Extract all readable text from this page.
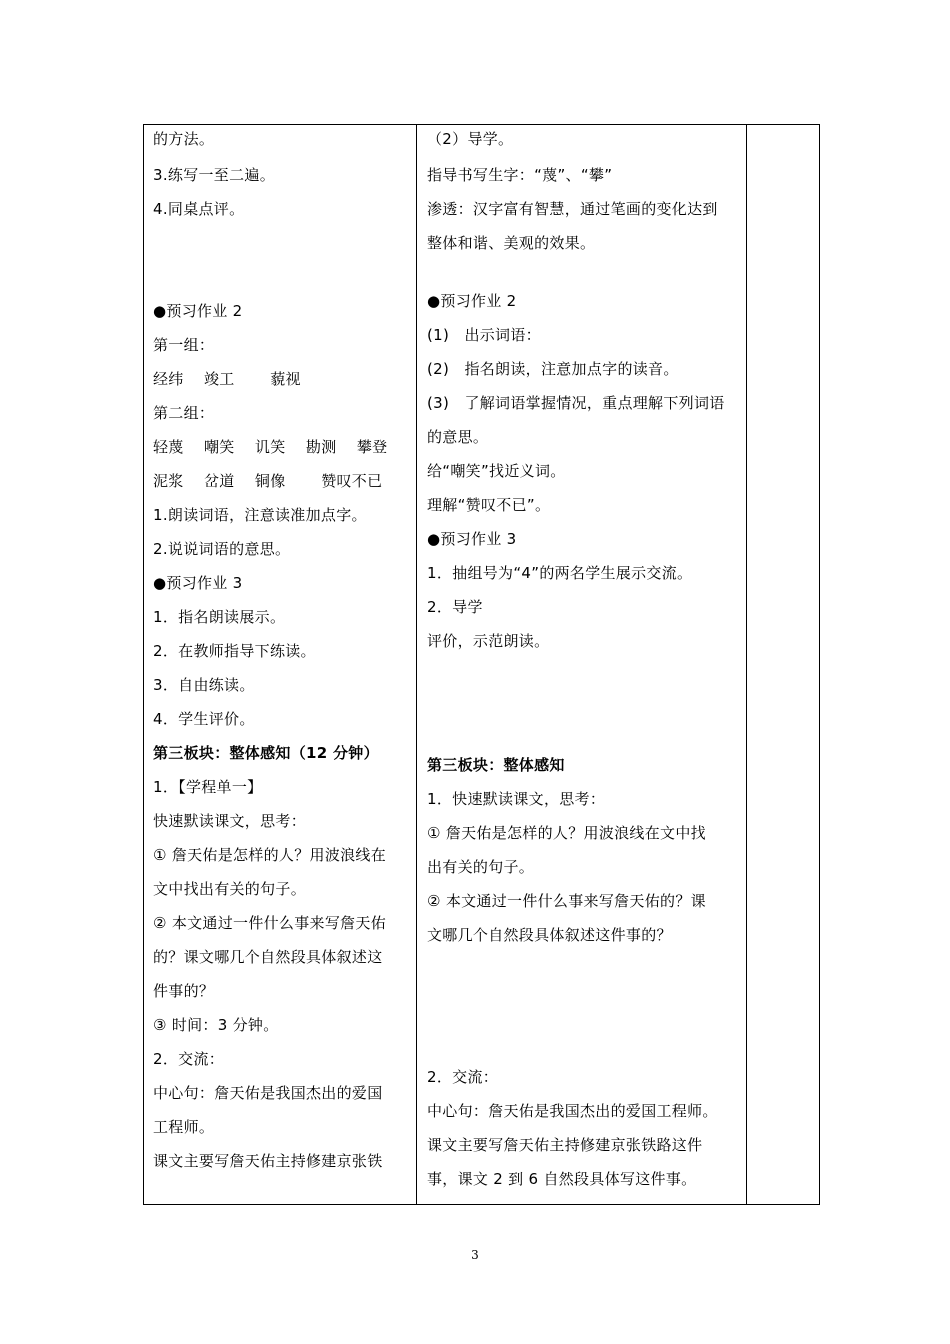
的方法。
3.练写一至二遍。
4.同桌点评。
●预习作业 2
第一组：
经纬　 竣工　　 藐视
第二组：
轻蔑　 嘲笑　 讥笑　 勘测　 攀登
泥浆　 岔道　 铜像　　 赞叹不已
1.朗读词语，注意读准加点字。
2.说说词语的意思。
●预习作业 3
1．指名朗读展示。
2．在教师指导下练读。
3．自由练读。
4．学生评价。
第三板块：整体感知（12 分钟）
1．【学程单一】
快速默读课文，思考：
① 詹天佑是怎样的人？用波浪线在
文中找出有关的句子。
② 本文通过一件什么事来写詹天佑
的？课文哪几个自然段具体叙述这
件事的？
③ 时间：3 分钟。
2．交流：
中心句：詹天佑是我国杰出的爱国
工程师。
课文主要写詹天佑主持修建京张铁
（2）导学。
指导书写生字：“蔑”、“攀”
渗透：汉字富有智慧，通过笔画的变化达到
整体和谐、美观的效果。
●预习作业 2
(1)　出示词语：
(2)　指名朗读，注意加点字的读音。
(3)　了解词语掌握情况，重点理解下列词语
的意思。
给“嘲笑”找近义词。
理解“赞叹不已”。
●预习作业 3
1．抽组号为“4”的两名学生展示交流。
2．导学
评价，示范朗读。
第三板块：整体感知
1．快速默读课文，思考：
① 詹天佑是怎样的人？用波浪线在文中找
出有关的句子。
② 本文通过一件什么事来写詹天佑的？课
文哪几个自然段具体叙述这件事的？
2．交流：
中心句：詹天佑是我国杰出的爱国工程师。
课文主要写詹天佑主持修建京张铁路这件
事，课文 2 到 6 自然段具体写这件事。
3
